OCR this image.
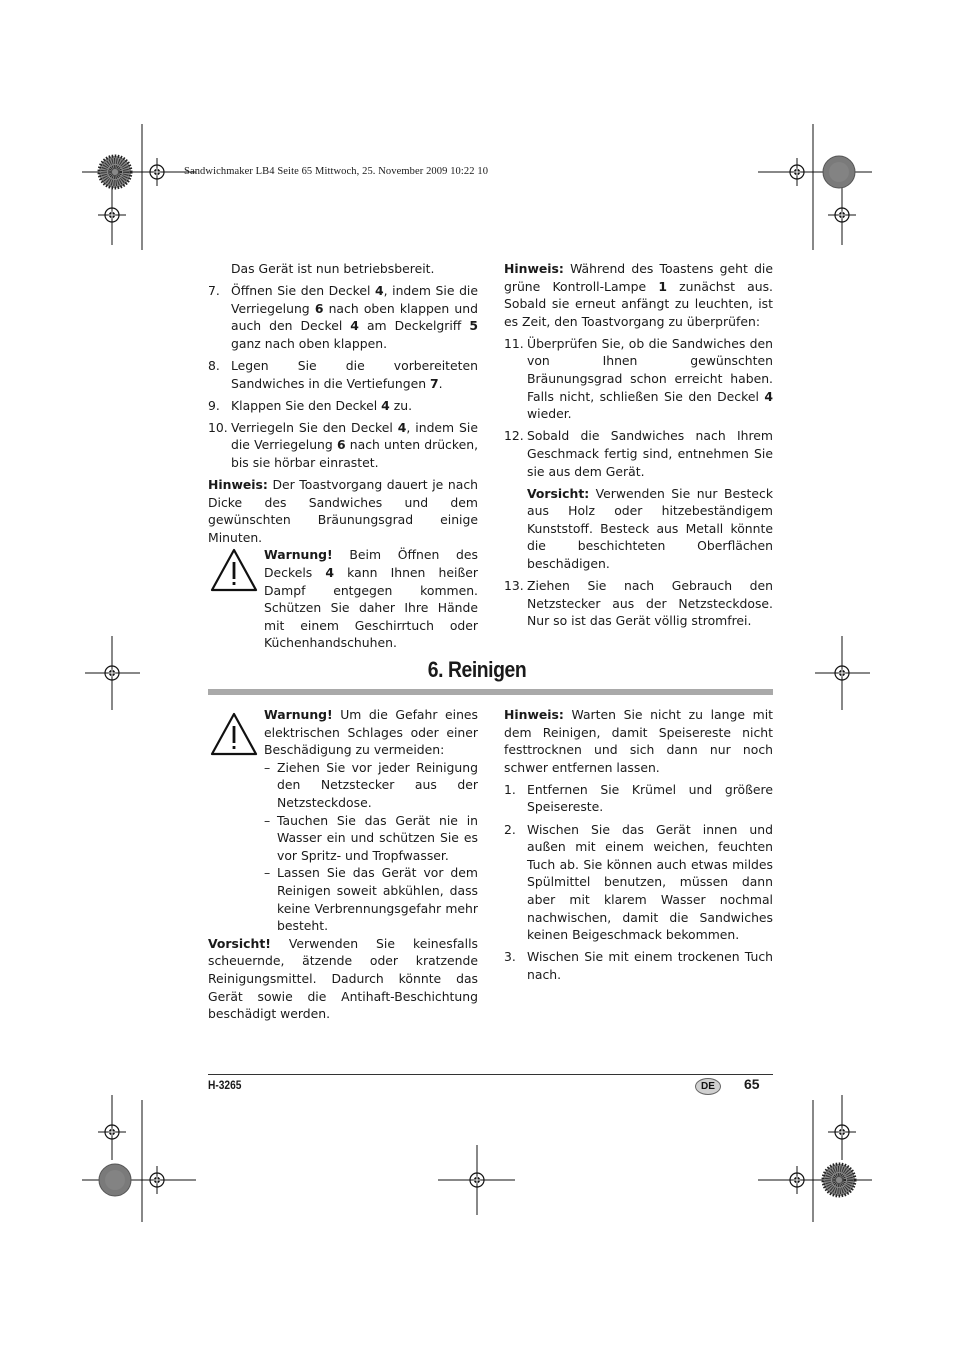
Sandwichmaker LB4 Seite 65 Mittwoch, 25. November 2009 10:22 10

Das Gerät ist nun betriebsbereit.

7. Öffnen Sie den Deckel 4, indem Sie die Verriegelung 6 nach oben klappen und auch den Deckel 4 am Deckelgriff 5 ganz nach oben klappen.
8. Legen Sie die vorbereiteten Sandwiches in die Vertiefungen 7.
9. Klappen Sie den Deckel 4 zu.
10. Verriegeln Sie den Deckel 4, indem Sie die Verriegelung 6 nach unten drücken, bis sie hörbar einrastet.

Hinweis: Der Toastvorgang dauert je nach Dicke des Sandwiches und dem gewünschten Bräunungsgrad einige Minuten.

Warnung! Beim Öffnen des Deckels 4 kann Ihnen heißer Dampf entgegen kommen. Schützen Sie daher Ihre Hände mit einem Geschirrtuch oder Küchenhandschuhen.

Hinweis: Während des Toastens geht die grüne Kontroll-Lampe 1 zunächst aus. Sobald sie erneut anfängt zu leuchten, ist es Zeit, den Toastvorgang zu überprüfen:

11. Überprüfen Sie, ob die Sandwiches den von Ihnen gewünschten Bräunungsgrad schon erreicht haben. Falls nicht, schließen Sie den Deckel 4 wieder.
12. Sobald die Sandwiches nach Ihrem Geschmack fertig sind, entnehmen Sie sie aus dem Gerät.

Vorsicht: Verwenden Sie nur Besteck aus Holz oder hitzebeständigem Kunststoff. Besteck aus Metall könnte die beschichteten Oberflächen beschädigen.

13. Ziehen Sie nach Gebrauch den Netzstecker aus der Netzsteckdose. Nur so ist das Gerät völlig stromfrei.
6. Reinigen

Warnung! Um die Gefahr eines elektrischen Schlages oder einer Beschädigung zu vermeiden:

– Ziehen Sie vor jeder Reinigung den Netzstecker aus der Netzsteckdose.
– Tauchen Sie das Gerät nie in Wasser ein und schützen Sie es vor Spritz- und Tropfwasser.
– Lassen Sie das Gerät vor dem Reinigen soweit abkühlen, dass keine Verbrennungsgefahr mehr besteht.

Vorsicht! Verwenden Sie keinesfalls scheuernde, ätzende oder kratzende Reinigungsmittel. Dadurch könnte das Gerät sowie die Antihaft-Beschichtung beschädigt werden.

Hinweis: Warten Sie nicht zu lange mit dem Reinigen, damit Speisereste nicht festtrocknen und sich dann nur noch schwer entfernen lassen.

1. Entfernen Sie Krümel und größere Speisereste.
2. Wischen Sie das Gerät innen und außen mit einem weichen, feuchten Tuch ab. Sie können auch etwas mildes Spülmittel benutzen, müssen dann aber mit klarem Wasser nochmal nachwischen, damit die Sandwiches keinen Beigeschmack bekommen.
3. Wischen Sie mit einem trockenen Tuch nach.
H-3265	DE	65
